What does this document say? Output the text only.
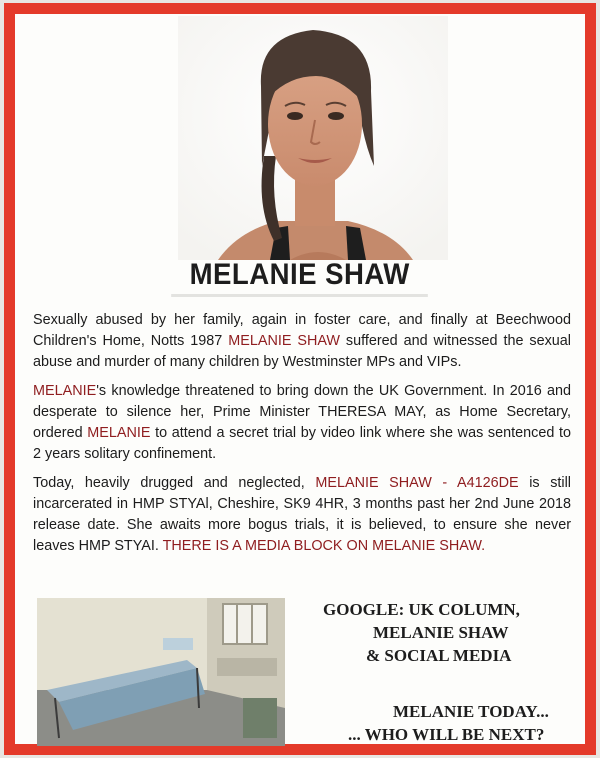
MELANIE SHAW

Sexually abused by her family, again in foster care, and finally at Beechwood Children's Home, Notts 1987 MELANIE SHAW suffered and witnessed the sexual abuse and murder of many children by Westminster MPs and VIPs.

MELANIE's knowledge threatened to bring down the UK Government. In 2016 and desperate to silence her, Prime Minister THERESA MAY, as Home Secretary, ordered MELANIE to attend a secret trial by video link where she was sentenced to 2 years solitary confinement.

Today, heavily drugged and neglected, MELANIE SHAW - A4126DE is still incarcerated in HMP STYAl, Cheshire, SK9 4HR, 3 months past her 2nd June 2018 release date. She awaits more bogus trials, it is believed, to ensure she never leaves HMP STYAI. THERE IS A MEDIA BLOCK ON MELANIE SHAW.

GOOGLE: UK COLUMN,
MELANIE SHAW
& SOCIAL MEDIA
MELANIE TODAY...
... WHO WILL BE NEXT?
